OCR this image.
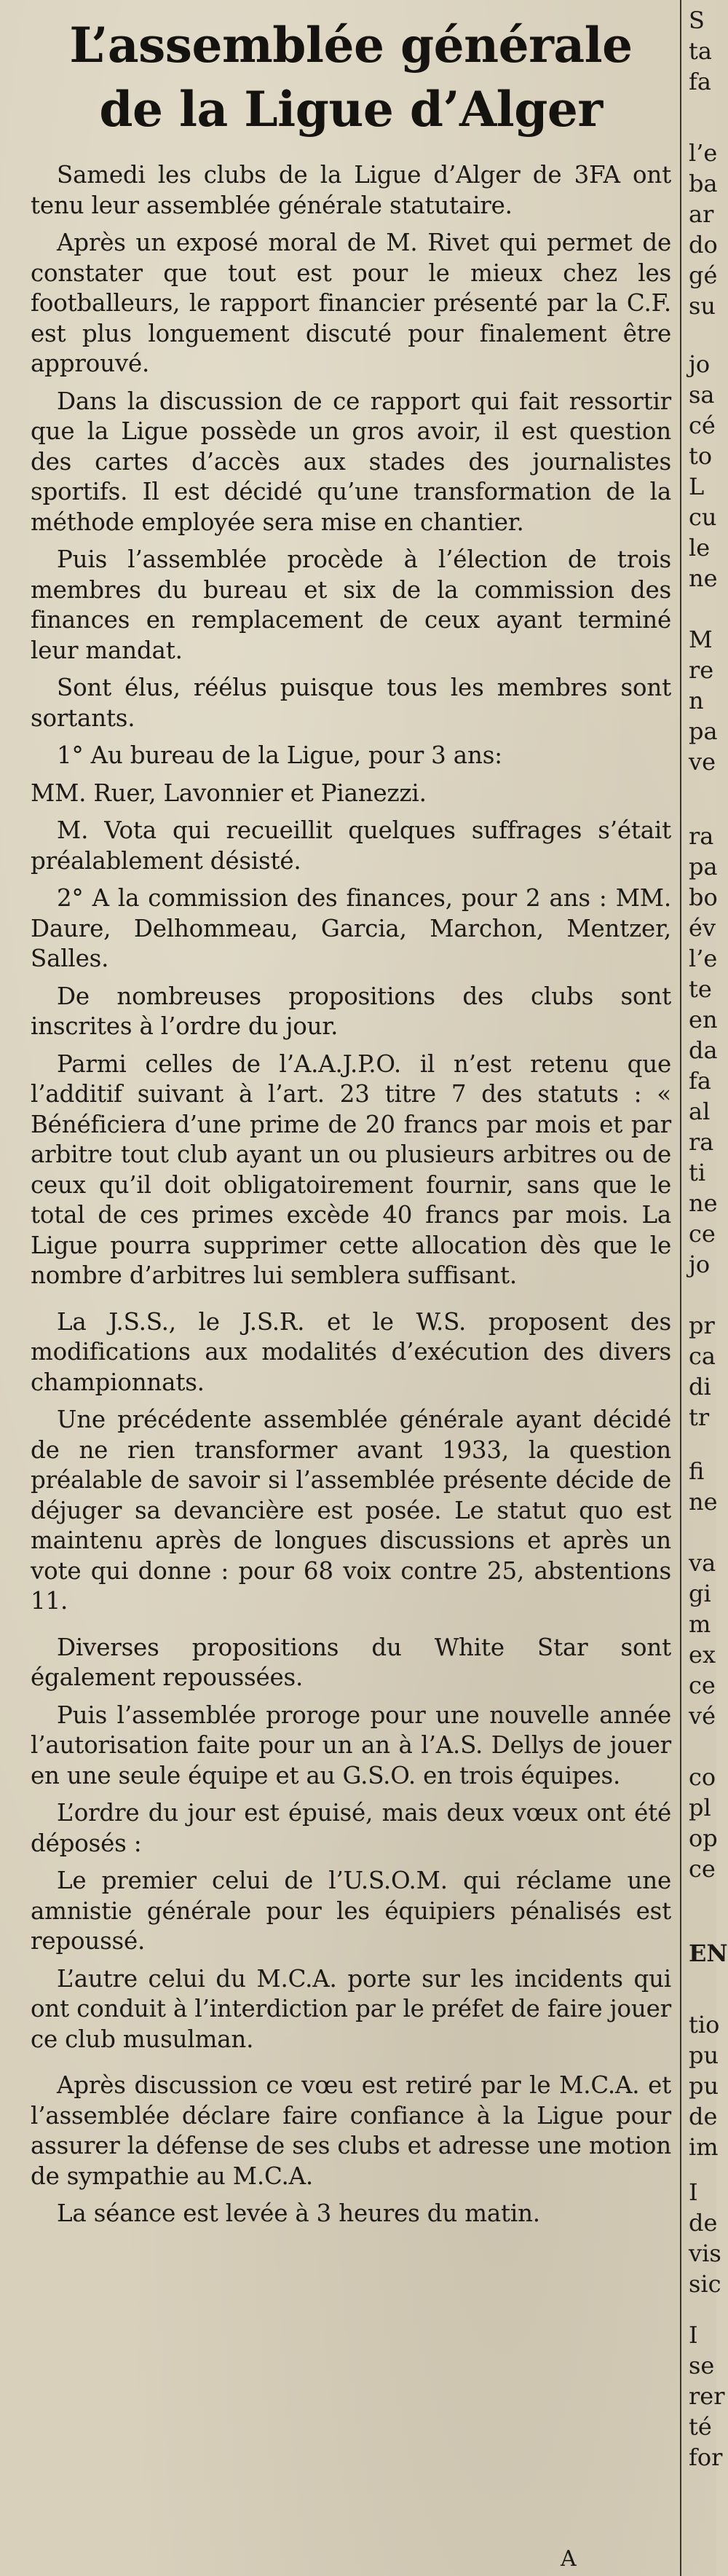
L’assemblée générale
de la Ligue d’Alger

Samedi les clubs de la Ligue d’Alger de 3FA ont tenu leur assemblée générale statutaire.

Après un exposé moral de M. Rivet qui permet de constater que tout est pour le mieux chez les footballeurs, le rapport financier présenté par la C.F. est plus longuement discuté pour finalement être approuvé.

Dans la discussion de ce rapport qui fait ressortir que la Ligue possède un gros avoir, il est question des cartes d’accès aux stades des journalistes sportifs. Il est décidé qu’une transformation de la méthode employée sera mise en chantier.

Puis l’assemblée procède à l’élection de trois membres du bureau et six de la commission des finances en remplacement de ceux ayant terminé leur mandat.

Sont élus, réélus puisque tous les membres sont sortants.

1° Au bureau de la Ligue, pour 3 ans:

MM. Ruer, Lavonnier et Pianezzi.

M. Vota qui recueillit quelques suffrages s’était préalablement désisté.

2° A la commission des finances, pour 2 ans : MM. Daure, Delhommeau, Garcia, Marchon, Mentzer, Salles.

De nombreuses propositions des clubs sont inscrites à l’ordre du jour.

Parmi celles de l’A.A.J.P.O. il n’est retenu que l’additif suivant à l’art. 23 titre 7 des statuts : « Bénéficiera d’une prime de 20 francs par mois et par arbitre tout club ayant un ou plusieurs arbitres ou de ceux qu’il doit obligatoirement fournir, sans que le total de ces primes excède 40 francs par mois. La Ligue pourra supprimer cette allocation dès que le nombre d’arbitres lui semblera suffisant.

La J.S.S., le J.S.R. et le W.S. proposent des modifications aux modalités d’exécution des divers championnats.

Une précédente assemblée générale ayant décidé de ne rien transformer avant 1933, la question préalable de savoir si l’assemblée présente décide de déjuger sa devancière est posée. Le statut quo est maintenu après de longues discussions et après un vote qui donne : pour 68 voix contre 25, abstentions 11.

Diverses propositions du White Star sont également repoussées.

Puis l’assemblée proroge pour une nouvelle année l’autorisation faite pour un an à l’A.S. Dellys de jouer en une seule équipe et au G.S.O. en trois équipes.

L’ordre du jour est épuisé, mais deux vœux ont été déposés :

Le premier celui de l’U.S.O.M. qui réclame une amnistie générale pour les équipiers pénalisés est repoussé.

L’autre celui du M.C.A. porte sur les incidents qui ont conduit à l’interdiction par le préfet de faire jouer ce club musulman.

Après discussion ce vœu est retiré par le M.C.A. et l’assemblée déclare faire confiance à la Ligue pour assurer la défense de ses clubs et adresse une motion de sympathie au M.C.A.

La séance est levée à 3 heures du matin.

A
S
ta
fa
l’e
ba
ar
do
gé
su
jo
sa
cé
to
L
cu
le
ne
M
re
n
pa
ve
ra
pa
bo
év
l’e
te
en
da
fa
al
ra
ti
ne
ce
jo
pr
ca
di
tr
fi
ne
va
gi
m
ex
ce
vé
co
pl
op
ce
EN
tio
pu
pu
de
im
I
de
vis
sic
I
se
rer
té
for
